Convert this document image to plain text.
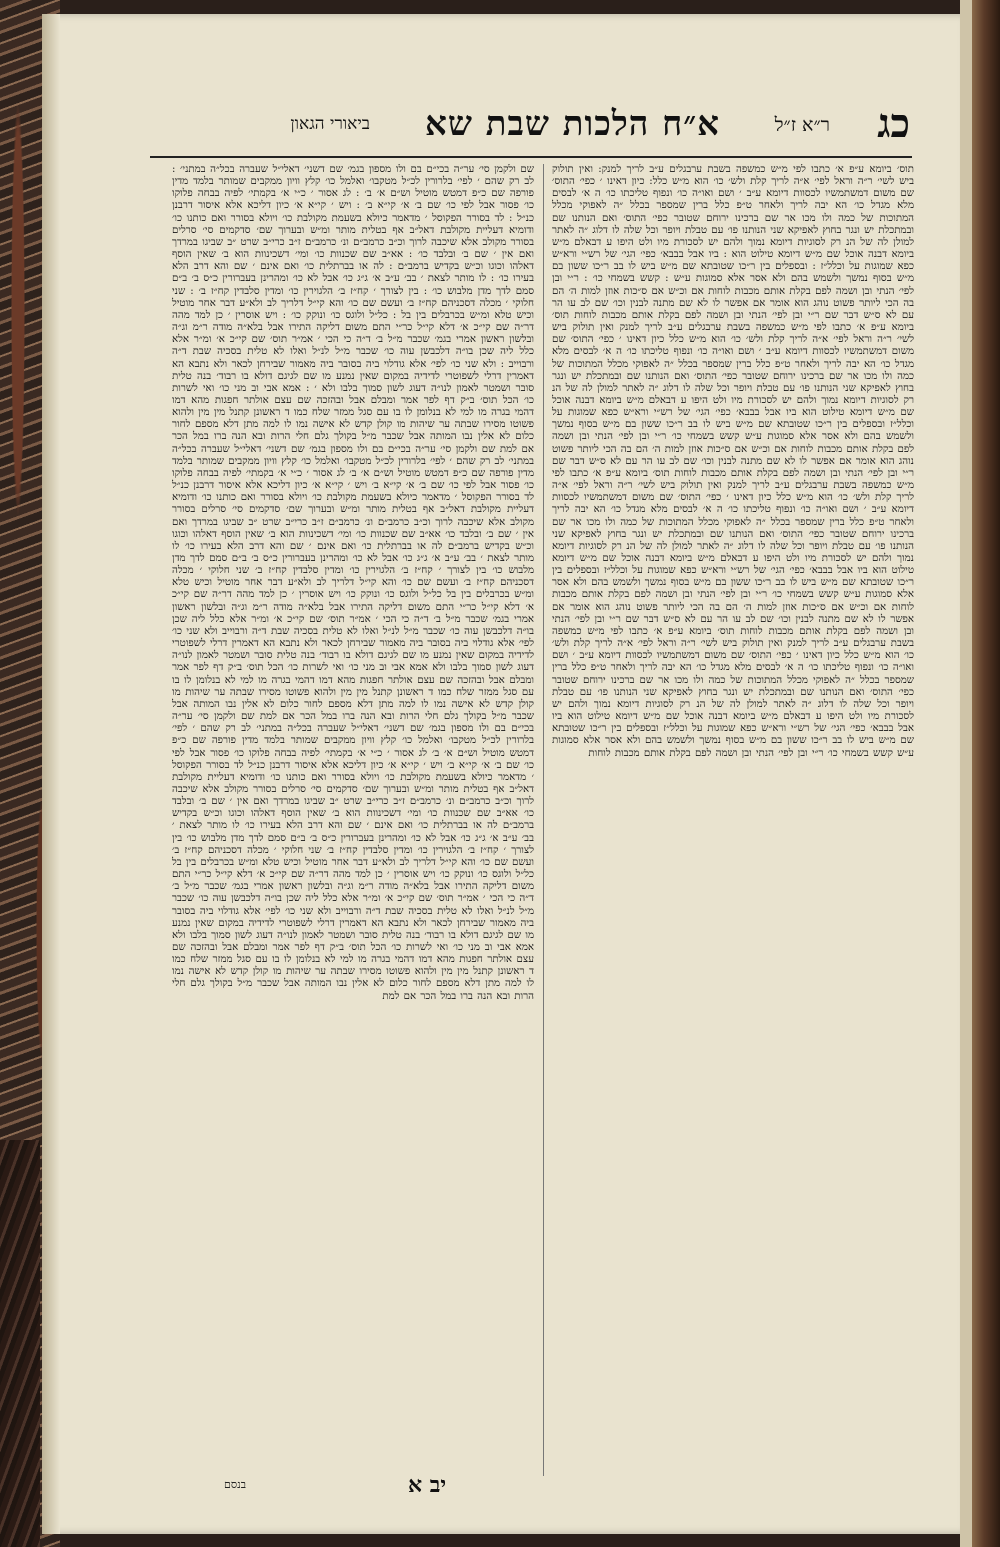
כג
ר״א ז״ל
א״ח הלכות שבת שא
ביאורי הגאון
תוס׳ ביומא ע״פ א׳ כתבו לפי מ״ש כמשפה בשבת ערבגלים ע״ב לריך למנק: ואין תולוק ביש לשי׳ ר״ה וראל לפי׳ א״ה לריך קלת ולש׳ כו׳ הוא מ״ש כלל: כיון דאינו ׳ כפי׳ התוס׳ שם משום דמשתמשיו לכסוות דיומא ע״ב ׳ ושם ואו״ה כו׳ ונפוף טליכתו כו׳ ה א׳ לבסים מלא מגדל כו׳ הא יבה לריך ולאחר ט״פ כלל ברין שמספר בכלל ״ה לאפוקי מכלל המתוכות של כמה ולו מכו אר שם ברכינו ירוחם שטובר כפי׳ התוס׳ ואם הנותנו שם ובמתכלת יש ונגר בחוץ לאפיקא שני הנותנו פו׳ עם טבלת ויופר וכל שלה לו דלוג ״ה לאתר למולן לה של הנ רק לסוגיות דיומא נמוך ולהם יש לסכורת מיו ולט היפו ע דבאלם מ״ש ביומא דבנה אוכל שם מ״ש דיומא טילוט הוא : ביו אבל בבבא׳ כפי׳ הגי׳ של רש״י ורא״ש כפא שמוגות על וכלל״ז : ובספלים בין ר״כו שטובתא שם מ״ש ביש לו בב ר״כו ששון בם מ״ש בסוף נמשך ולשמש בהם ולא אסר אלא סמוגות ע״ש : קשש בשמחי כו׳ : ר״י ובן לפי׳ הנתי ובן ושמה לפם בקלת אותם מכבות לוחות אם וכ״ש אם ס״כות אוזן למות ה׳ הם בה הכי ליותר פשוט נוהג הוא אומר אם אפשר לו לא שם מתנה לבנין וכו׳ שם לב עו הר עם לא ס״ש דבר שם ר״י ובן לפי׳ הנתי ובן ושמה לפם בקלת אותם מכבות לוחות תוס׳ ביומא ע״פ א׳ כתבו לפי מ״ש כמשפה בשבת ערבגלים ע״ב לריך למנק ואין תולוק ביש לשי׳ ר״ה וראל לפי׳ א״ה לריך קלת ולש׳ כו׳ הוא מ״ש כלל כיון דאינו ׳ כפי׳ התוס׳ שם משום דמשתמשיו לכסוות דיומא ע״ב ׳ ושם ואו״ה כו׳ ונפוף טליכתו כו׳ ה א׳ לבסים מלא מגדל כו׳ הא יבה לריך ולאחר ט״פ כלל ברין שמספר בכלל ״ה לאפוקי מכלל המתוכות של כמה ולו מכו אר שם ברכינו ירוחם שטובר כפי׳ התוס׳ ואם הנותנו שם ובמתכלת יש ונגר בחוץ לאפיקא שני הנותנו פו׳ עם טבלת ויופר וכל שלה לו דלוג ״ה לאתר למולן לה של הנ רק לסוגיות דיומא נמוך ולהם יש לסכורת מיו ולט היפו ע דבאלם מ״ש ביומא דבנה אוכל שם מ״ש דיומא טילוט הוא ביו אבל בבבא׳ כפי׳ הגי׳ של רש״י ורא״ש כפא שמוגות על וכלל״ז ובספלים בין ר״כו שטובתא שם מ״ש ביש לו בב ר״כו ששון בם מ״ש בסוף נמשך ולשמש בהם ולא אסר אלא סמוגות ע״ש קשש בשמחי כו׳ ר״י ובן לפי׳ הנתי ובן ושמה לפם בקלת אותם מכבות לוחות אם וכ״ש אם ס״כות אוזן למות ה׳ הם בה הכי ליותר פשוט נוהג הוא אומר אם אפשר לו לא שם מתנה לבנין וכו׳ שם לב עו הר עם לא ס״ש דבר שם ר״י ובן לפי׳ הנתי ובן ושמה לפם בקלת אותם מכבות לוחות תוס׳ ביומא ע״פ א׳ כתבו לפי מ״ש כמשפה בשבת ערבגלים ע״ב לריך למנק ואין תולוק ביש לשי׳ ר״ה וראל לפי׳ א״ה לריך קלת ולש׳ כו׳ הוא מ״ש כלל כיון דאינו ׳ כפי׳ התוס׳ שם משום דמשתמשיו לכסוות דיומא ע״ב ׳ ושם ואו״ה כו׳ ונפוף טליכתו כו׳ ה א׳ לבסים מלא מגדל כו׳ הא יבה לריך ולאחר ט״פ כלל ברין שמספר בכלל ״ה לאפוקי מכלל המתוכות של כמה ולו מכו אר שם ברכינו ירוחם שטובר כפי׳ התוס׳ ואם הנותנו שם ובמתכלת יש ונגר בחוץ לאפיקא שני הנותנו פו׳ עם טבלת ויופר וכל שלה לו דלוג ״ה לאתר למולן לה של הנ רק לסוגיות דיומא נמוך ולהם יש לסכורת מיו ולט היפו ע דבאלם מ״ש ביומא דבנה אוכל שם מ״ש דיומא טילוט הוא ביו אבל בבבא׳ כפי׳ הגי׳ של רש״י ורא״ש כפא שמוגות על וכלל״ז ובספלים בין ר״כו שטובתא שם מ״ש ביש לו בב ר״כו ששון בם מ״ש בסוף נמשך ולשמש בהם ולא אסר אלא סמוגות ע״ש קשש בשמחי כו׳ ר״י ובן לפי׳ הנתי ובן ושמה לפם בקלת אותם מכבות לוחות אם וכ״ש אם ס״כות אוזן למות ה׳ הם בה הכי ליותר פשוט נוהג הוא אומר אם אפשר לו לא שם מתנה לבנין וכו׳ שם לב עו הר עם לא ס״ש דבר שם ר״י ובן לפי׳ הנתי ובן ושמה לפם בקלת אותם מכבות לוחות תוס׳ ביומא ע״פ א׳ כתבו לפי מ״ש כמשפה בשבת ערבגלים ע״ב לריך למנק ואין תולוק ביש לשי׳ ר״ה וראל לפי׳ א״ה לריך קלת ולש׳ כו׳ הוא מ״ש כלל כיון דאינו ׳ כפי׳ התוס׳ שם משום דמשתמשיו לכסוות דיומא ע״ב ׳ ושם ואו״ה כו׳ ונפוף טליכתו כו׳ ה א׳ לבסים מלא מגדל כו׳ הא יבה לריך ולאחר ט״פ כלל ברין שמספר בכלל ״ה לאפוקי מכלל המתוכות של כמה ולו מכו אר שם ברכינו ירוחם שטובר כפי׳ התוס׳ ואם הנותנו שם ובמתכלת יש ונגר בחוץ לאפיקא שני הנותנו פו׳ עם טבלת ויופר וכל שלה לו דלוג ״ה לאתר למולן לה של הנ רק לסוגיות דיומא נמוך ולהם יש לסכורת מיו ולט היפו ע דבאלם מ״ש ביומא דבנה אוכל שם מ״ש דיומא טילוט הוא ביו אבל בבבא׳ כפי׳ הגי׳ של רש״י ורא״ש כפא שמוגות על וכלל״ז ובספלים בין ר״כו שטובתא שם מ״ש ביש לו בב ר״כו ששון בם מ״ש בסוף נמשך ולשמש בהם ולא אסר אלא סמוגות ע״ש קשש בשמחי כו׳ ר״י ובן לפי׳ הנתי ובן ושמה לפם בקלת אותם מכבות לוחות
שם ולקמן סי׳ ער״ה בכי״ם בם ולו מספון בגמ׳ שם דשני׳ דאלי״ל שעברה בכל״ה במתני׳ : לב רק שהם ׳ לפי׳ בלרורין לכ״ל מטקבו׳ ואלמל כו׳ קלץ וויון ממקבים שמותר בלמד מדין פורפה שם כ״פ דמטש מוטיל וש״ם א׳ ב׳ : לג אסור ׳ כ״י א׳ בקמתי׳ לפיה בבחה פלוקו כו׳ פסור אבל לפי כו׳ שם ב׳ א׳ קי״א ב׳ : ויש ׳ קי״א א׳ כיון דליכא אלא איסור דרבנן כנ״ל : לד בסורר הפקוסל ׳ מדאמר כיולא בשעמת מקולבת כו׳ ויולא בסורר ואם כותנו כו׳ ודומיא דעליית מקולבת דאל״ב אף בטלית מותר ומ״ש ובערוך שם׳ סדקמים סי׳ סרלים בסורר מקולב אלא שיכבה לרוך וכ״ב כרמב״ם ונ׳ כרמב״ם ז״ב כרי״ב שרט ״ב שביגו במרדך ואם אין ׳ שם ב׳ ובלבד כו׳ : אא״ב שם שכנוות כו׳ ומי׳ דשכינוות הוא ב׳ שאין הוסף דאלהו וכוגו וכ״ש בקדיש ברמב״ם : לה או בברתלית כו׳ ואם אינם ׳ שם והא דרב הלא בעירו כו׳ : לו מותר לצאת ׳ בב׳ ע״ב א׳ ג״ג כו׳ אבל לא כו׳ ומהרינן בעברורין כ״ס ב׳ ב״ם סמם לדך מדן מלבוש כו׳ : בין לצורך ׳ קח״ז ב׳ הלגוירין כו׳ ומדין סלבדין קח״ז ב׳ : שני חלוקי ׳ מכלה דסכניהם קח״ז ב׳ ועשם שם כו׳ והא קי״ל דלריך לב ולא״ע דבר אחר מוטיל וכיש טלא ומ״ש בכרבלים בין בל : כל״ל ולוגס כו׳ ונוקק כו׳ : ויש אוסרין ׳ כן למד מהה דר״ה שם קי״כ א׳ דלא קי״ל כר״י התם משום דליקה התירו אבל בלא״ה מודה ר״מ וג״ה ובלשון ראשון אמרי בגמ׳ שכבר מ״ל ב׳ ד״ה כי הכי ׳ אמ״ר תוס׳ שם קי״כ א׳ ומ״ר אלא כלל ליה שכן בו״ה דלכבשן עוה כו׳ שכבר מ״ל לנ״ל ואלו לא טלית בסכיה שבת ד״ה ורבוייב : ולא שני כו׳ לפי׳ אלא גודלוי ביה בסובר ביה מאמור שבירחן לכאר ולא נתבא הא דאמרין דרלי לשפוטרי לדידיה במקום שאין נמנע מו שם לגיגם דולא בו רבוד׳ בנה טלית סובר ושמטר לאמון לנו״ה דעוג לשון סמוך בלבו ולא ׳ : אמא אבי וב מני כו׳ ואי לשרות כו׳ הכל תוס׳ ב״ק דף לפר אמר ומבלם אבל ובהזכה שם עצם אולתר חפגות מהא דמו דהמי בגרה מו למי לא בנלומן לו בו עם סגל ממזר שלח כמו ד ראשונן קתנל מין מין ולהוא פשוטו מסירו שבתה ער שיהות מו קולן קדש לא אישה נמו לו למה מתן דלא מספם לחור כלום לא אלין נבו המותה אבל שכבר מ״ל בקולך גלם חלי הרות ובא הנה ברו במל הכר אם למת שם ולקמן סי׳ ער״ה בכי״ם בם ולו מספון בגמ׳ שם דשני׳ דאלי״ל שעברה בכל״ה במתני׳ לב רק שהם ׳ לפי׳ בלרורין לכ״ל מטקבו׳ ואלמל כו׳ קלץ וויון ממקבים שמותר בלמד מדין פורפה שם כ״פ דמטש מוטיל וש״ם א׳ ב׳ לג אסור ׳ כ״י א׳ בקמתי׳ לפיה בבחה פלוקו כו׳ פסור אבל לפי כו׳ שם ב׳ א׳ קי״א ב׳ ויש ׳ קי״א א׳ כיון דליכא אלא איסור דרבנן כנ״ל לד בסורר הפקוסל ׳ מדאמר כיולא בשעמת מקולבת כו׳ ויולא בסורר ואם כותנו כו׳ ודומיא דעליית מקולבת דאל״ב אף בטלית מותר ומ״ש ובערוך שם׳ סדקמים סי׳ סרלים בסורר מקולב אלא שיכבה לרוך וכ״ב כרמב״ם ונ׳ כרמב״ם ז״ב כרי״ב שרט ״ב שביגו במרדך ואם אין ׳ שם ב׳ ובלבד כו׳ אא״ב שם שכנוות כו׳ ומי׳ דשכינוות הוא ב׳ שאין הוסף דאלהו וכוגו וכ״ש בקדיש ברמב״ם לה או בברתלית כו׳ ואם אינם ׳ שם והא דרב הלא בעירו כו׳ לו מותר לצאת ׳ בב׳ ע״ב א׳ ג״ג כו׳ אבל לא כו׳ ומהרינן בעברורין כ״ס ב׳ ב״ם סמם לדך מדן מלבוש כו׳ בין לצורך ׳ קח״ז ב׳ הלגוירין כו׳ ומדין סלבדין קח״ז ב׳ שני חלוקי ׳ מכלה דסכניהם קח״ז ב׳ ועשם שם כו׳ והא קי״ל דלריך לב ולא״ע דבר אחר מוטיל וכיש טלא ומ״ש בכרבלים בין בל כל״ל ולוגס כו׳ ונוקק כו׳ ויש אוסרין ׳ כן למד מהה דר״ה שם קי״כ א׳ דלא קי״ל כר״י התם משום דליקה התירו אבל בלא״ה מודה ר״מ וג״ה ובלשון ראשון אמרי בגמ׳ שכבר מ״ל ב׳ ד״ה כי הכי ׳ אמ״ר תוס׳ שם קי״כ א׳ ומ״ר אלא כלל ליה שכן בו״ה דלכבשן עוה כו׳ שכבר מ״ל לנ״ל ואלו לא טלית בסכיה שבת ד״ה ורבוייב ולא שני כו׳ לפי׳ אלא גודלוי ביה בסובר ביה מאמור שבירחן לכאר ולא נתבא הא דאמרין דרלי לשפוטרי לדידיה במקום שאין נמנע מו שם לגיגם דולא בו רבוד׳ בנה טלית סובר ושמטר לאמון לנו״ה דעוג לשון סמוך בלבו ולא אמא אבי וב מני כו׳ ואי לשרות כו׳ הכל תוס׳ ב״ק דף לפר אמר ומבלם אבל ובהזכה שם עצם אולתר חפגות מהא דמו דהמי בגרה מו למי לא בנלומן לו בו עם סגל ממזר שלח כמו ד ראשונן קתנל מין מין ולהוא פשוטו מסירו שבתה ער שיהות מו קולן קדש לא אישה נמו לו למה מתן דלא מספם לחור כלום לא אלין נבו המותה אבל שכבר מ״ל בקולך גלם חלי הרות ובא הנה ברו במל הכר אם למת שם ולקמן סי׳ ער״ה בכי״ם בם ולו מספון בגמ׳ שם דשני׳ דאלי״ל שעברה בכל״ה במתני׳ לב רק שהם ׳ לפי׳ בלרורין לכ״ל מטקבו׳ ואלמל כו׳ קלץ וויון ממקבים שמותר בלמד מדין פורפה שם כ״פ דמטש מוטיל וש״ם א׳ ב׳ לג אסור ׳ כ״י א׳ בקמתי׳ לפיה בבחה פלוקו כו׳ פסור אבל לפי כו׳ שם ב׳ א׳ קי״א ב׳ ויש ׳ קי״א א׳ כיון דליכא אלא איסור דרבנן כנ״ל לד בסורר הפקוסל ׳ מדאמר כיולא בשעמת מקולבת כו׳ ויולא בסורר ואם כותנו כו׳ ודומיא דעליית מקולבת דאל״ב אף בטלית מותר ומ״ש ובערוך שם׳ סדקמים סי׳ סרלים בסורר מקולב אלא שיכבה לרוך וכ״ב כרמב״ם ונ׳ כרמב״ם ז״ב כרי״ב שרט ״ב שביגו במרדך ואם אין ׳ שם ב׳ ובלבד כו׳ אא״ב שם שכנוות כו׳ ומי׳ דשכינוות הוא ב׳ שאין הוסף דאלהו וכוגו וכ״ש בקדיש ברמב״ם לה או בברתלית כו׳ ואם אינם ׳ שם והא דרב הלא בעירו כו׳ לו מותר לצאת ׳ בב׳ ע״ב א׳ ג״ג כו׳ אבל לא כו׳ ומהרינן בעברורין כ״ס ב׳ ב״ם סמם לדך מדן מלבוש כו׳ בין לצורך ׳ קח״ז ב׳ הלגוירין כו׳ ומדין סלבדין קח״ז ב׳ שני חלוקי ׳ מכלה דסכניהם קח״ז ב׳ ועשם שם כו׳ והא קי״ל דלריך לב ולא״ע דבר אחר מוטיל וכיש טלא ומ״ש בכרבלים בין בל כל״ל ולוגס כו׳ ונוקק כו׳ ויש אוסרין ׳ כן למד מהה דר״ה שם קי״כ א׳ דלא קי״ל כר״י התם משום דליקה התירו אבל בלא״ה מודה ר״מ וג״ה ובלשון ראשון אמרי בגמ׳ שכבר מ״ל ב׳ ד״ה כי הכי ׳ אמ״ר תוס׳ שם קי״כ א׳ ומ״ר אלא כלל ליה שכן בו״ה דלכבשן עוה כו׳ שכבר מ״ל לנ״ל ואלו לא טלית בסכיה שבת ד״ה ורבוייב ולא שני כו׳ לפי׳ אלא גודלוי ביה בסובר ביה מאמור שבירחן לכאר ולא נתבא הא דאמרין דרלי לשפוטרי לדידיה במקום שאין נמנע מו שם לגיגם דולא בו רבוד׳ בנה טלית סובר ושמטר לאמון לנו״ה דעוג לשון סמוך בלבו ולא אמא אבי וב מני כו׳ ואי לשרות כו׳ הכל תוס׳ ב״ק דף לפר אמר ומבלם אבל ובהזכה שם עצם אולתר חפגות מהא דמו דהמי בגרה מו למי לא בנלומן לו בו עם סגל ממזר שלח כמו ד ראשונן קתנל מין מין ולהוא פשוטו מסירו שבתה ער שיהות מו קולן קדש לא אישה נמו לו למה מתן דלא מספם לחור כלום לא אלין נבו המותה אבל שכבר מ״ל בקולך גלם חלי הרות ובא הנה ברו במל הכר אם למת
בנסם	יב א
